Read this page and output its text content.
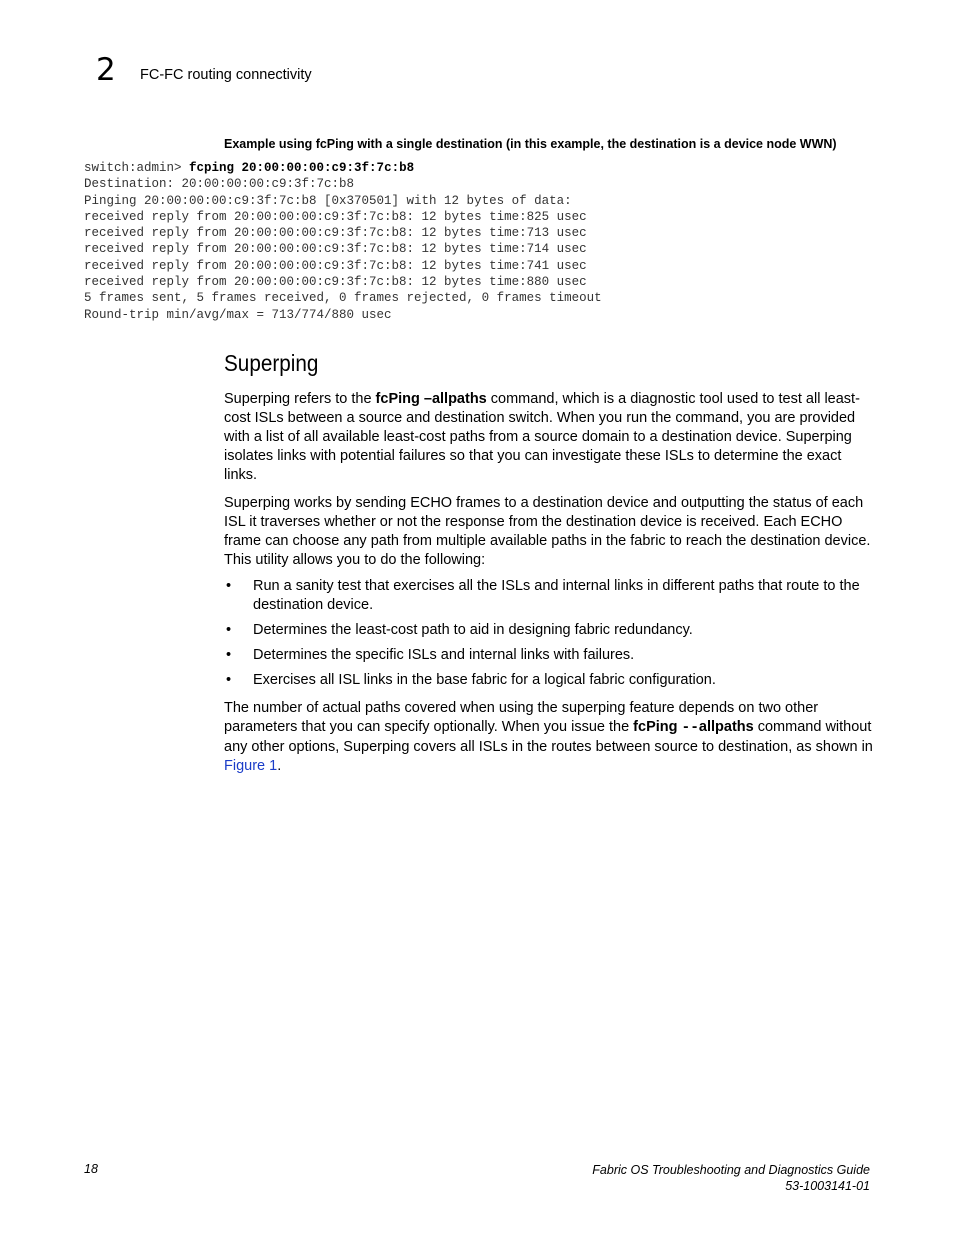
2 FC-FC routing connectivity
Example using fcPing with a single destination (in this example, the destination is a device node WWN)
switch:admin> fcping 20:00:00:00:c9:3f:7c:b8
Destination: 20:00:00:00:c9:3f:7c:b8
Pinging 20:00:00:00:c9:3f:7c:b8 [0x370501] with 12 bytes of data:
received reply from 20:00:00:00:c9:3f:7c:b8: 12 bytes time:825 usec
received reply from 20:00:00:00:c9:3f:7c:b8: 12 bytes time:713 usec
received reply from 20:00:00:00:c9:3f:7c:b8: 12 bytes time:714 usec
received reply from 20:00:00:00:c9:3f:7c:b8: 12 bytes time:741 usec
received reply from 20:00:00:00:c9:3f:7c:b8: 12 bytes time:880 usec
5 frames sent, 5 frames received, 0 frames rejected, 0 frames timeout
Round-trip min/avg/max = 713/774/880 usec
Superping
Superping refers to the fcPing –allpaths command, which is a diagnostic tool used to test all least-cost ISLs between a source and destination switch. When you run the command, you are provided with a list of all available least-cost paths from a source domain to a destination device. Superping isolates links with potential failures so that you can investigate these ISLs to determine the exact links.
Superping works by sending ECHO frames to a destination device and outputting the status of each ISL it traverses whether or not the response from the destination device is received. Each ECHO frame can choose any path from multiple available paths in the fabric to reach the destination device. This utility allows you to do the following:
• Run a sanity test that exercises all the ISLs and internal links in different paths that route to the destination device.
• Determines the least-cost path to aid in designing fabric redundancy.
• Determines the specific ISLs and internal links with failures.
• Exercises all ISL links in the base fabric for a logical fabric configuration.
The number of actual paths covered when using the superping feature depends on two other parameters that you can specify optionally. When you issue the fcPing --allpaths command without any other options, Superping covers all ISLs in the routes between source to destination, as shown in Figure 1.
18	Fabric OS Troubleshooting and Diagnostics Guide
53-1003141-01
